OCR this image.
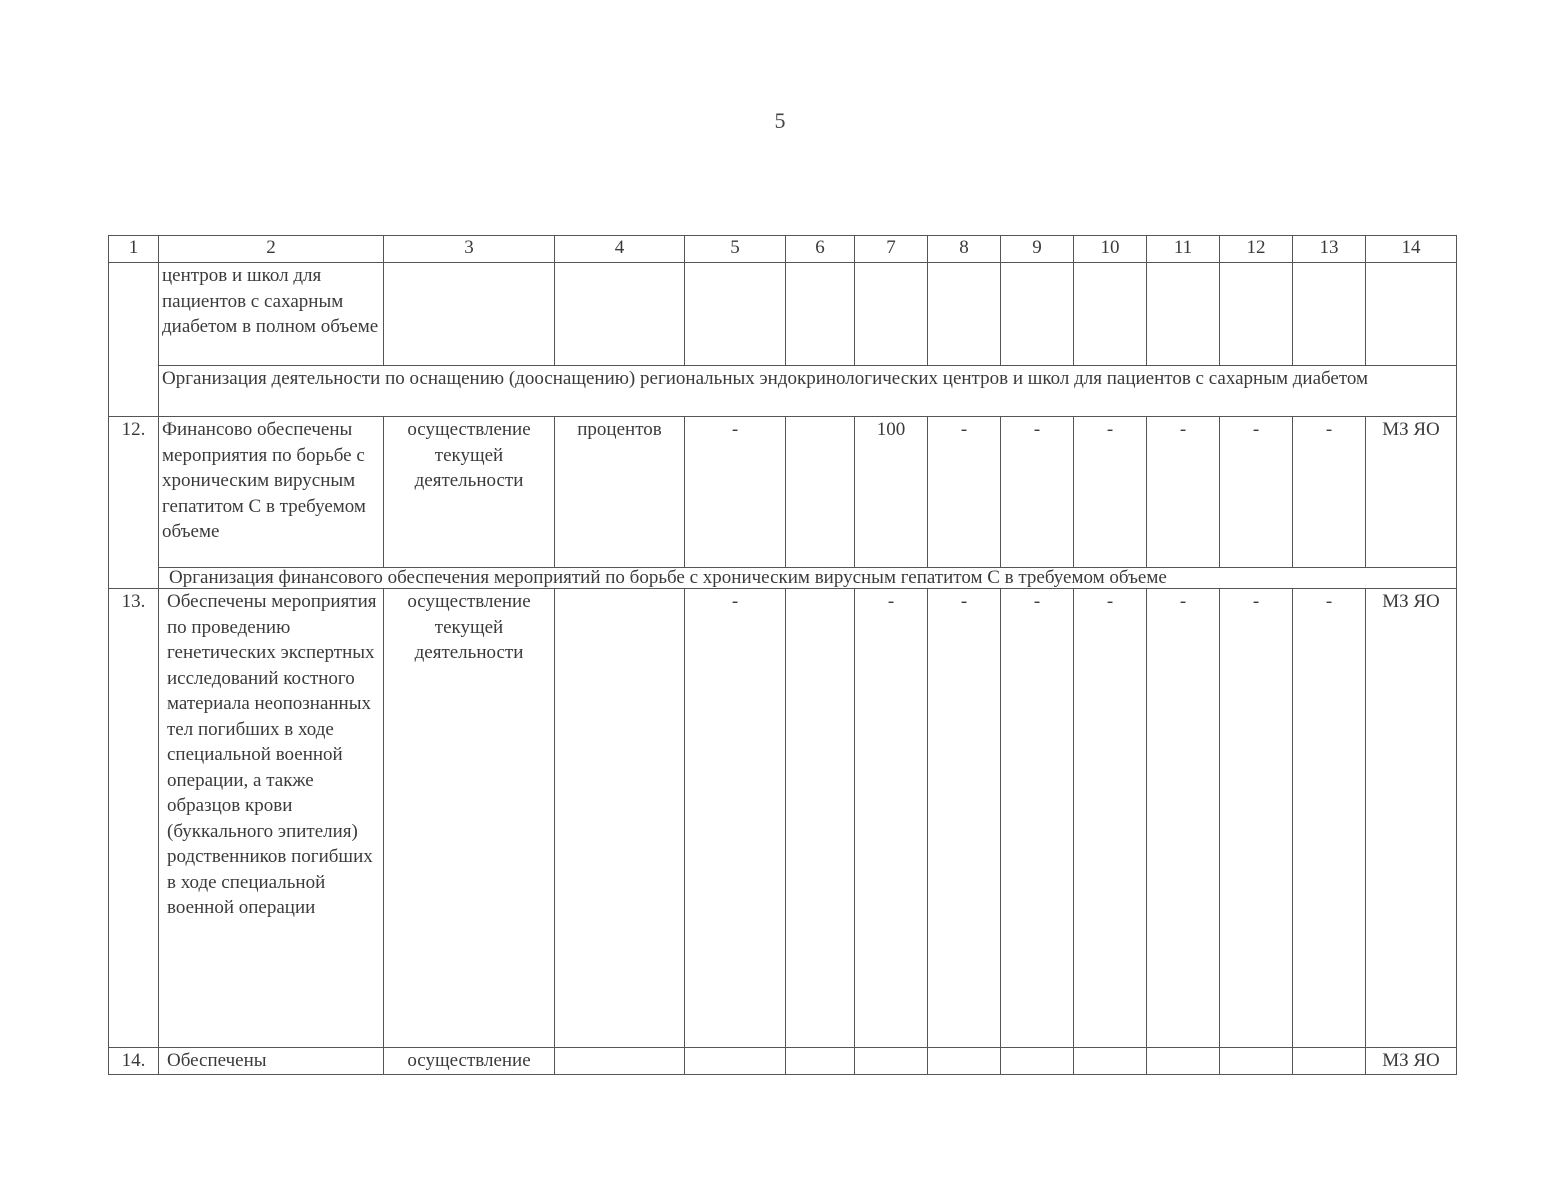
5
1	2	3	4	5	6	7	8	9	10	11	12	13	14
	центров и школ для пациентов с сахарным диабетом в полном объеме												
	Организация деятельности по оснащению (дооснащению) региональных эндокринологических центров и школ для пациентов с сахарным диабетом												
12.	Финансово обеспечены мероприятия по борьбе с хроническим вирусным гепатитом С в требуемом объеме	осуществление текущей деятельности	процентов	-		100	-	-	-	-	-	-	МЗ ЯО
	Организация финансового обеспечения мероприятий по борьбе с хроническим вирусным гепатитом С в требуемом объеме												
13.	Обеспечены мероприятия по проведению генетических экспертных исследований костного материала неопознанных тел погибших в ходе специальной военной операции, а также образцов крови (буккального эпителия) родственников погибших в ходе специальной военной операции	осуществление текущей деятельности		-		-	-	-	-	-	-	-	МЗ ЯО
14.	Обеспечены	осуществление											МЗ ЯО
